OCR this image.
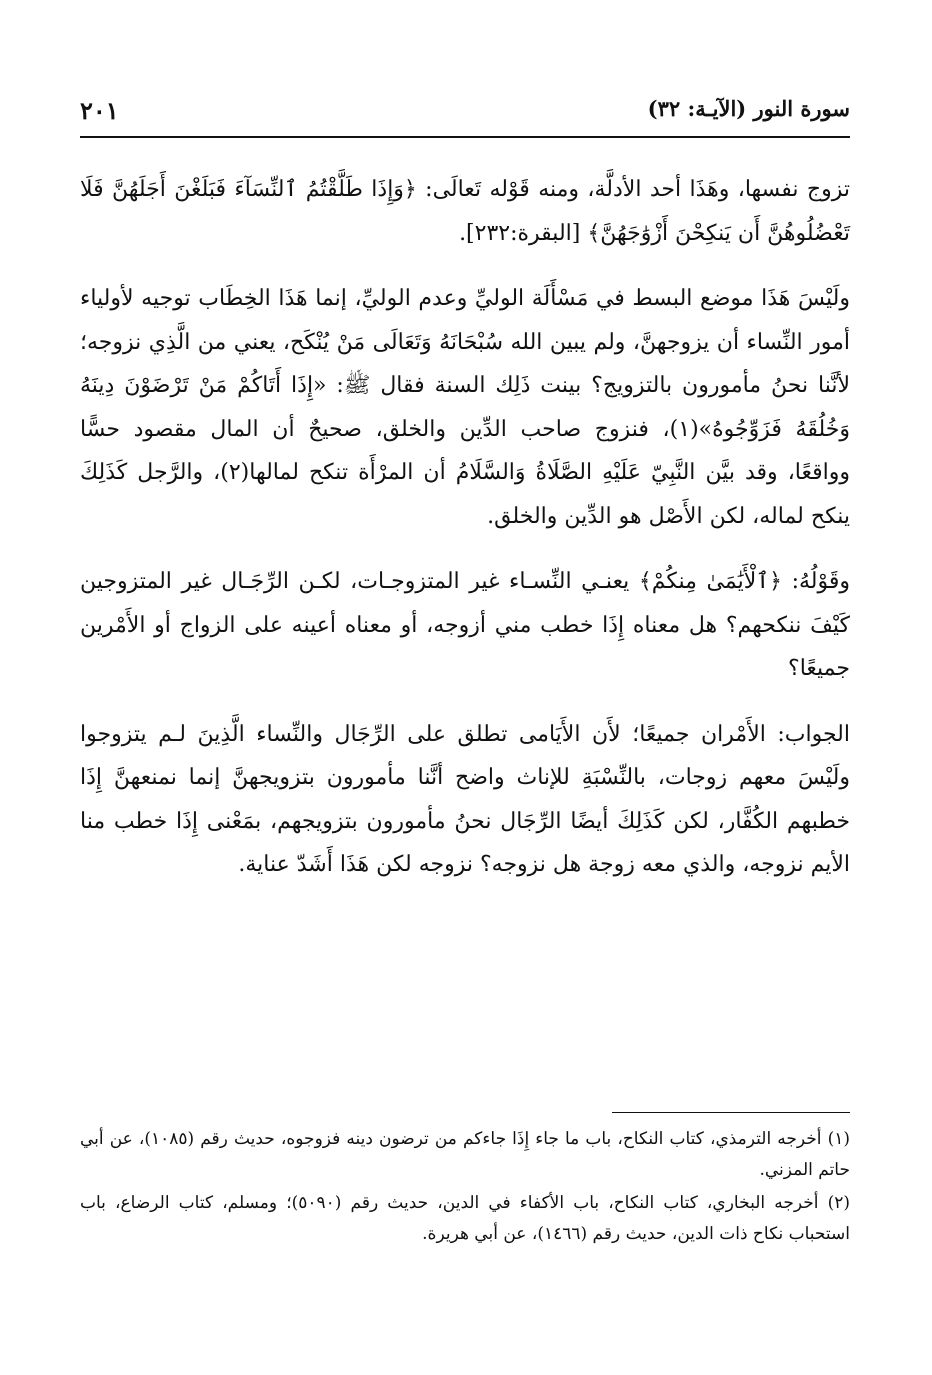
سورة النور (الآيـة: ٣٢)
٢٠١

تزوج نفسها، وهَذَا أحد الأدلَّة، ومنه قَوْله تَعالَى: ﴿وَإِذَا طَلَّقْتُمُ ٱلنِّسَآءَ فَبَلَغْنَ أَجَلَهُنَّ فَلَا تَعْضُلُوهُنَّ أَن يَنكِحْنَ أَزْوَٰجَهُنَّ﴾ [البقرة:٢٣٢].

ولَيْسَ هَذَا موضع البسط في مَسْأَلَة الوليِّ وعدم الوليِّ، إنما هَذَا الخِطَاب توجيه لأولياء أمور النِّساء أن يزوجهنَّ، ولم يبين الله سُبْحَانَهُ وَتَعَالَى مَنْ يُنْكَح، يعني من الَّذِي نزوجه؛ لأنَّنا نحنُ مأمورون بالتزويج؟ بينت ذَلِك السنة فقال ﷺ: «إِذَا أَتَاكُمْ مَنْ تَرْضَوْنَ دِينَهُ وَخُلُقَهُ فَزَوِّجُوهُ»(١)، فنزوج صاحب الدِّين والخلق، صحيحٌ أن المال مقصود حسًّا وواقعًا، وقد بيَّن النَّبِيّ عَلَيْهِ الصَّلَاةُ وَالسَّلَامُ أن المرْأَة تنكح لمالها(٢)، والرَّجل كَذَلِكَ ينكح لماله، لكن الأَصْل هو الدِّين والخلق.

وقَوْلُهُ: ﴿ٱلْأَيَٰمَىٰ مِنكُمْ﴾ يعنـي النِّسـاء غير المتزوجـات، لكـن الرِّجَـال غير المتزوجين كَيْفَ ننكحهم؟ هل معناه إِذَا خطب مني أزوجه، أو معناه أعينه على الزواج أو الأَمْرين جميعًا؟

الجواب: الأَمْران جميعًا؛ لأَن الأَيَامى تطلق على الرِّجَال والنِّساء الَّذِينَ لـم يتزوجوا ولَيْسَ معهم زوجات، بالنِّسْبَةِ للإناث واضح أنَّنا مأمورون بتزويجهنَّ إنما نمنعهنَّ إِذَا خطبهم الكُفَّار، لكن كَذَلِكَ أيضًا الرِّجَال نحنُ مأمورون بتزويجهم، بمَعْنى إِذَا خطب منا الأيم نزوجه، والذي معه زوجة هل نزوجه؟ نزوجه لكن هَذَا أَشَدّ عناية.

(١) أخرجه الترمذي، كتاب النكاح، باب ما جاء إِذَا جاءكم من ترضون دينه فزوجوه، حديث رقم (١٠٨٥)، عن أبي حاتم المزني.

(٢) أخرجه البخاري، كتاب النكاح، باب الأكفاء في الدين، حديث رقم (٥٠٩٠)؛ ومسلم، كتاب الرضاع، باب استحباب نكاح ذات الدين، حديث رقم (١٤٦٦)، عن أبي هريرة.
